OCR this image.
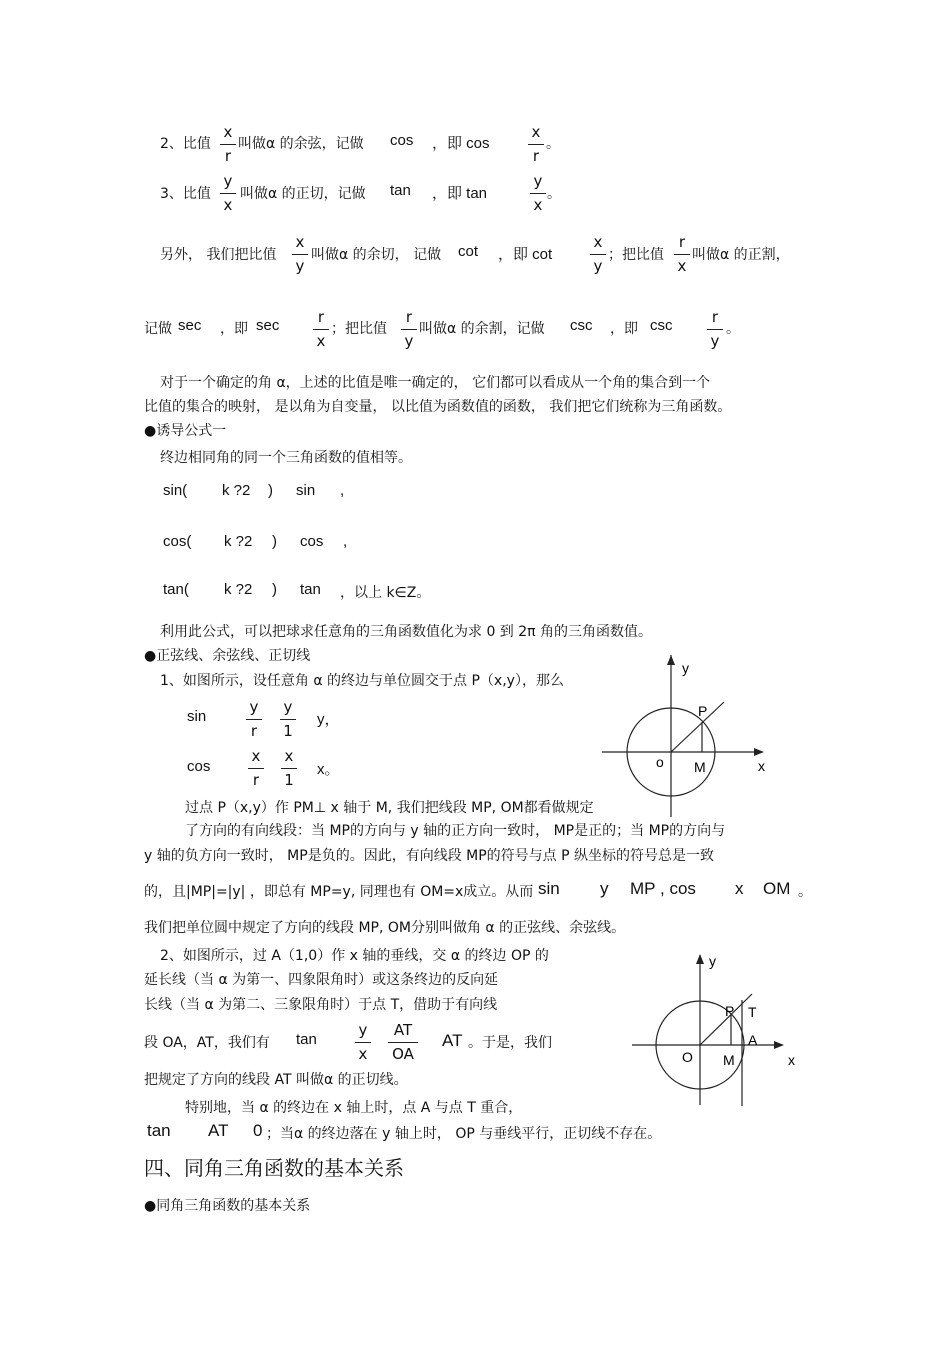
2、比值
x
r
叫做α 的余弦，记做 cos ，即 cos
x
r
。
3、比值
y
x
叫做α 的正切，记做 tan ，即 tan
y
x
。
另外， 我们把比值
x
y
叫做α 的余切， 记做 cot ，即 cot
x
y
；把比值
r
x
叫做α 的正割，
记做 sec ，即 sec	r
x
；把比值
r
y
叫做α 的余割，记做 csc ，即 csc	r
y
。
对于一个确定的角 α，上述的比值是唯一确定的， 它们都可以看成从一个角的集合到一个
比值的集合的映射， 是以角为自变量， 以比值为函数值的函数， 我们把它们统称为三角函数。
●诱导公式一
终边相同角的同一个三角函数的值相等。
sin( k ?2 ) sin ,
cos( k ?2 ) cos ,
tan( k ?2 ) tan ，以上 k∈Z。
利用此公式，可以把球求任意角的三角函数值化为求 0 到 2π 角的三角函数值。
●正弦线、余弦线、正切线
1、如图所示，设任意角 α 的终边与单位圆交于点 P（x,y），那么
sin
y
r
y
1
y，
cos
x
r
x
1
x。
过点 P（x,y）作 PM⊥ x 轴于 M, 我们把线段 MP, OM都看做规定
了方向的有向线段：当 MP的方向与 y 轴的正方向一致时， MP是正的；当 MP的方向与
y 轴的负方向一致时， MP是负的。因此，有向线段 MP的符号与点 P 纵坐标的符号总是一致
的，且|MP|=|y| ，即总有 MP=y, 同理也有 OM=x成立。从而 sin y MP , cos x OM 。
我们把单位圆中规定了方向的线段 MP, OM分别叫做角 α 的正弦线、余弦线。
2、如图所示，过 A（1,0）作 x 轴的垂线，交 α 的终边 OP 的
延长线（当 α 为第一、四象限角时）或这条终边的反向延
长线（当 α 为第二、三象限角时）于点 T，借助于有向线
段 OA，AT，我们有 tan
y
x
AT
OA
AT 。于是，我们
把规定了方向的线段 AT 叫做α 的正切线。
特别地，当 α 的终边在 x 轴上时，点 A 与点 T 重合，
tan AT 0 ；当α 的终边落在 y 轴上时， OP 与垂线平行，正切线不存在。
四、同角三角函数的基本关系
●同角三角函数的基本关系
y
x
o
P
M
y
x
O
P T
A
M
